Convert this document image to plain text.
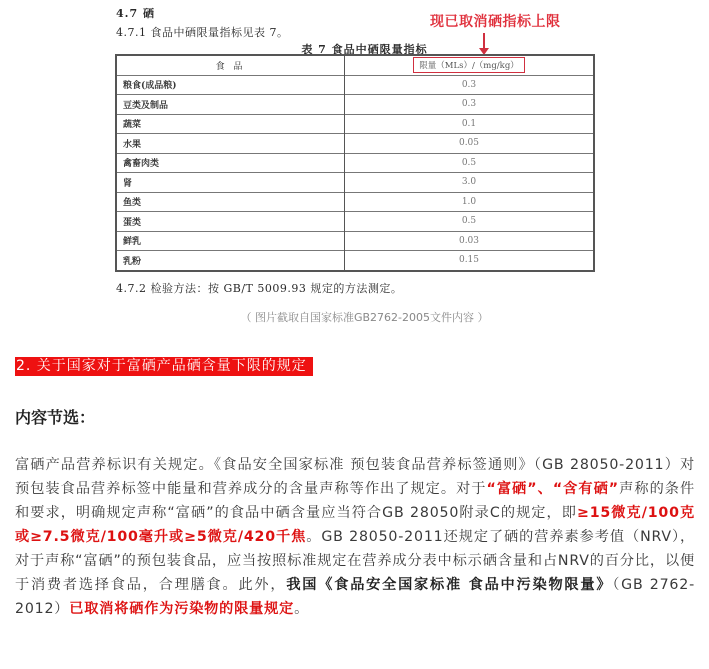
4.7 硒
4.7.1 食品中硒限量指标见表 7。
现已取消硒指标上限
表 7 食品中硒限量指标
食 品	限量（MLs）/（mg/kg）
粮食(成品粮)	0.3
豆类及制品	0.3
蔬菜	0.1
水果	0.05
禽畜肉类	0.5
肾	3.0
鱼类	1.0
蛋类	0.5
鲜乳	0.03
乳粉	0.15
4.7.2 检验方法：按 GB/T 5009.93 规定的方法测定。
（ 图片截取自国家标准GB2762-2005文件内容 ）
2. 关于国家对于富硒产品硒含量下限的规定
内容节选：
富硒产品营养标识有关规定。《食品安全国家标准 预包装食品营养标签通则》（GB 28050-2011）对预包装食品营养标签中能量和营养成分的含量声称等作出了规定。对于“富硒”、“含有硒”声称的条件和要求，明确规定声称“富硒”的食品中硒含量应当符合GB 28050附录C的规定，即≥15微克/100克或≥7.5微克/100毫升或≥5微克/420千焦。GB 28050-2011还规定了硒的营养素参考值（NRV），对于声称“富硒”的预包装食品，应当按照标准规定在营养成分表中标示硒含量和占NRV的百分比，以便于消费者选择食品，合理膳食。此外，我国《食品安全国家标准 食品中污染物限量》（GB 2762-2012）已取消将硒作为污染物的限量规定。
